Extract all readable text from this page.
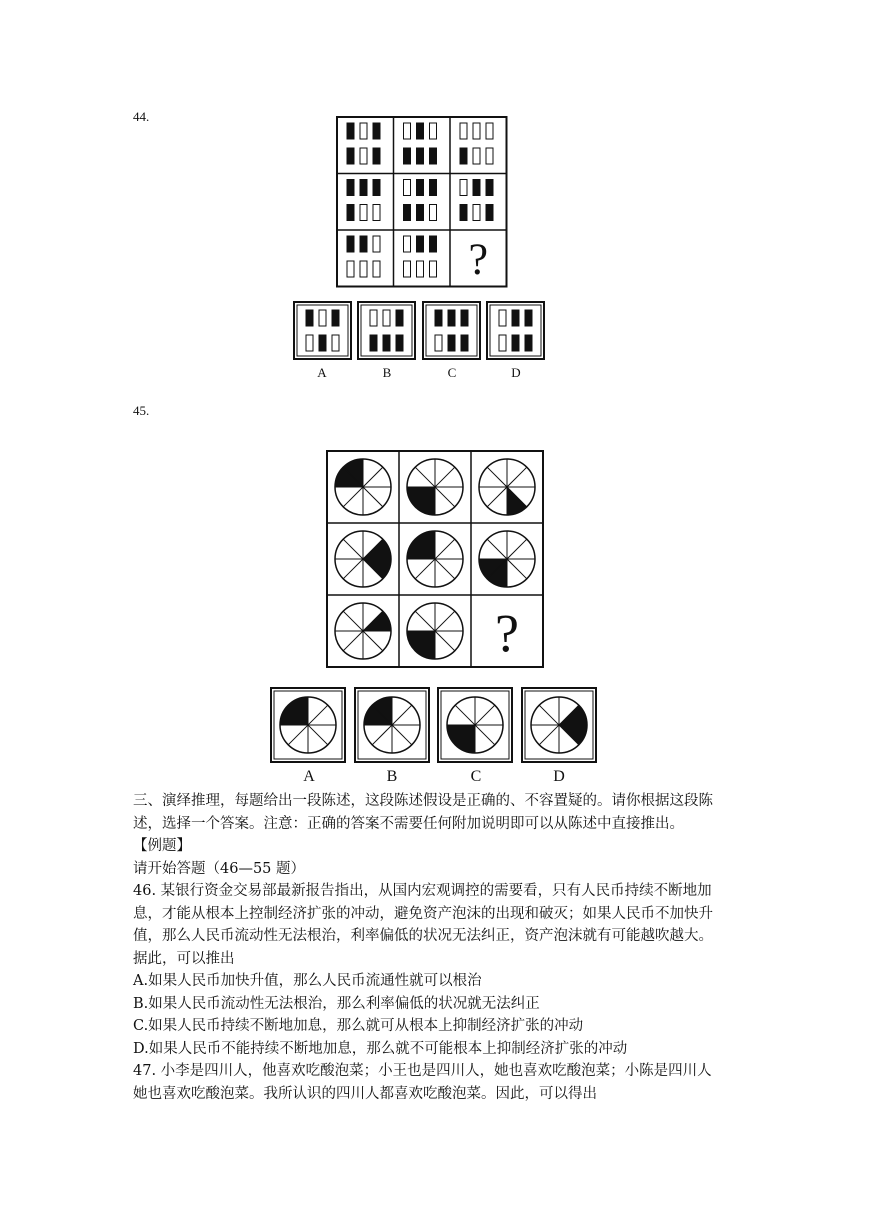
44.
?
A	B	C	D
45.
?
A	B	C	D

三、演绎推理，每题给出一段陈述，这段陈述假设是正确的、不容置疑的。请你根据这段陈

述，选择一个答案。注意：正确的答案不需要任何附加说明即可以从陈述中直接推出。

【例题】

请开始答题（46—55 题）

46. 某银行资金交易部最新报告指出，从国内宏观调控的需要看，只有人民币持续不断地加

息，才能从根本上控制经济扩张的冲动，避免资产泡沫的出现和破灭；如果人民币不加快升

值，那么人民币流动性无法根治，利率偏低的状况无法纠正，资产泡沫就有可能越吹越大。

据此，可以推出

A.如果人民币加快升值，那么人民币流通性就可以根治

B.如果人民币流动性无法根治，那么利率偏低的状况就无法纠正

C.如果人民币持续不断地加息，那么就可从根本上抑制经济扩张的冲动

D.如果人民币不能持续不断地加息，那么就不可能根本上抑制经济扩张的冲动

47. 小李是四川人，他喜欢吃酸泡菜；小王也是四川人，她也喜欢吃酸泡菜；小陈是四川人

她也喜欢吃酸泡菜。我所认识的四川人都喜欢吃酸泡菜。因此，可以得出
